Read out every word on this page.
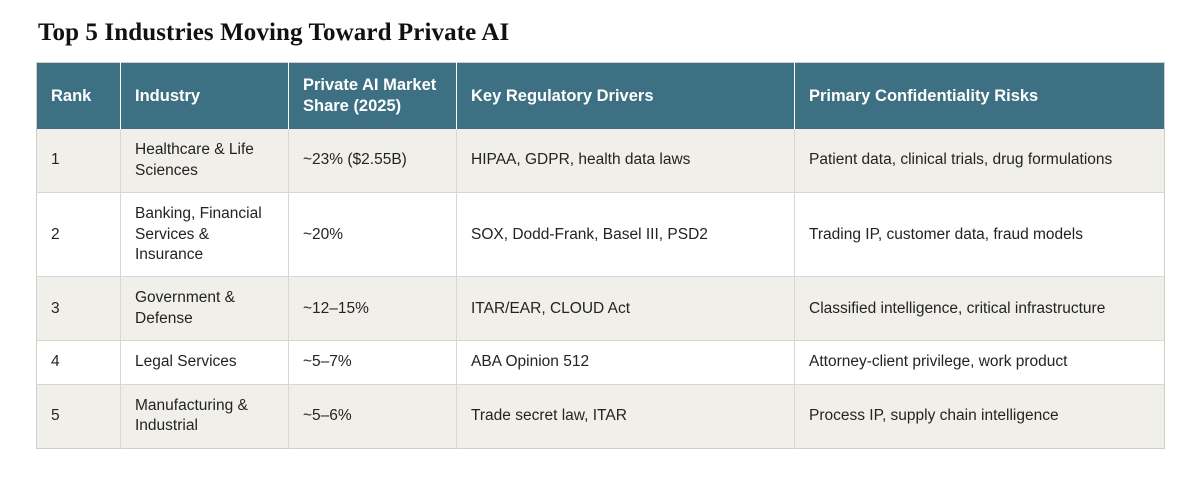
Top 5 Industries Moving Toward Private AI
Rank	Industry	Private AI Market Share (2025)	Key Regulatory Drivers	Primary Confidentiality Risks
1	Healthcare & Life Sciences	~23% ($2.55B)	HIPAA, GDPR, health data laws	Patient data, clinical trials, drug formulations
2	Banking, Financial Services & Insurance	~20%	SOX, Dodd-Frank, Basel III, PSD2	Trading IP, customer data, fraud models
3	Government & Defense	~12–15%	ITAR/EAR, CLOUD Act	Classified intelligence, critical infrastructure
4	Legal Services	~5–7%	ABA Opinion 512	Attorney-client privilege, work product
5	Manufacturing & Industrial	~5–6%	Trade secret law, ITAR	Process IP, supply chain intelligence
